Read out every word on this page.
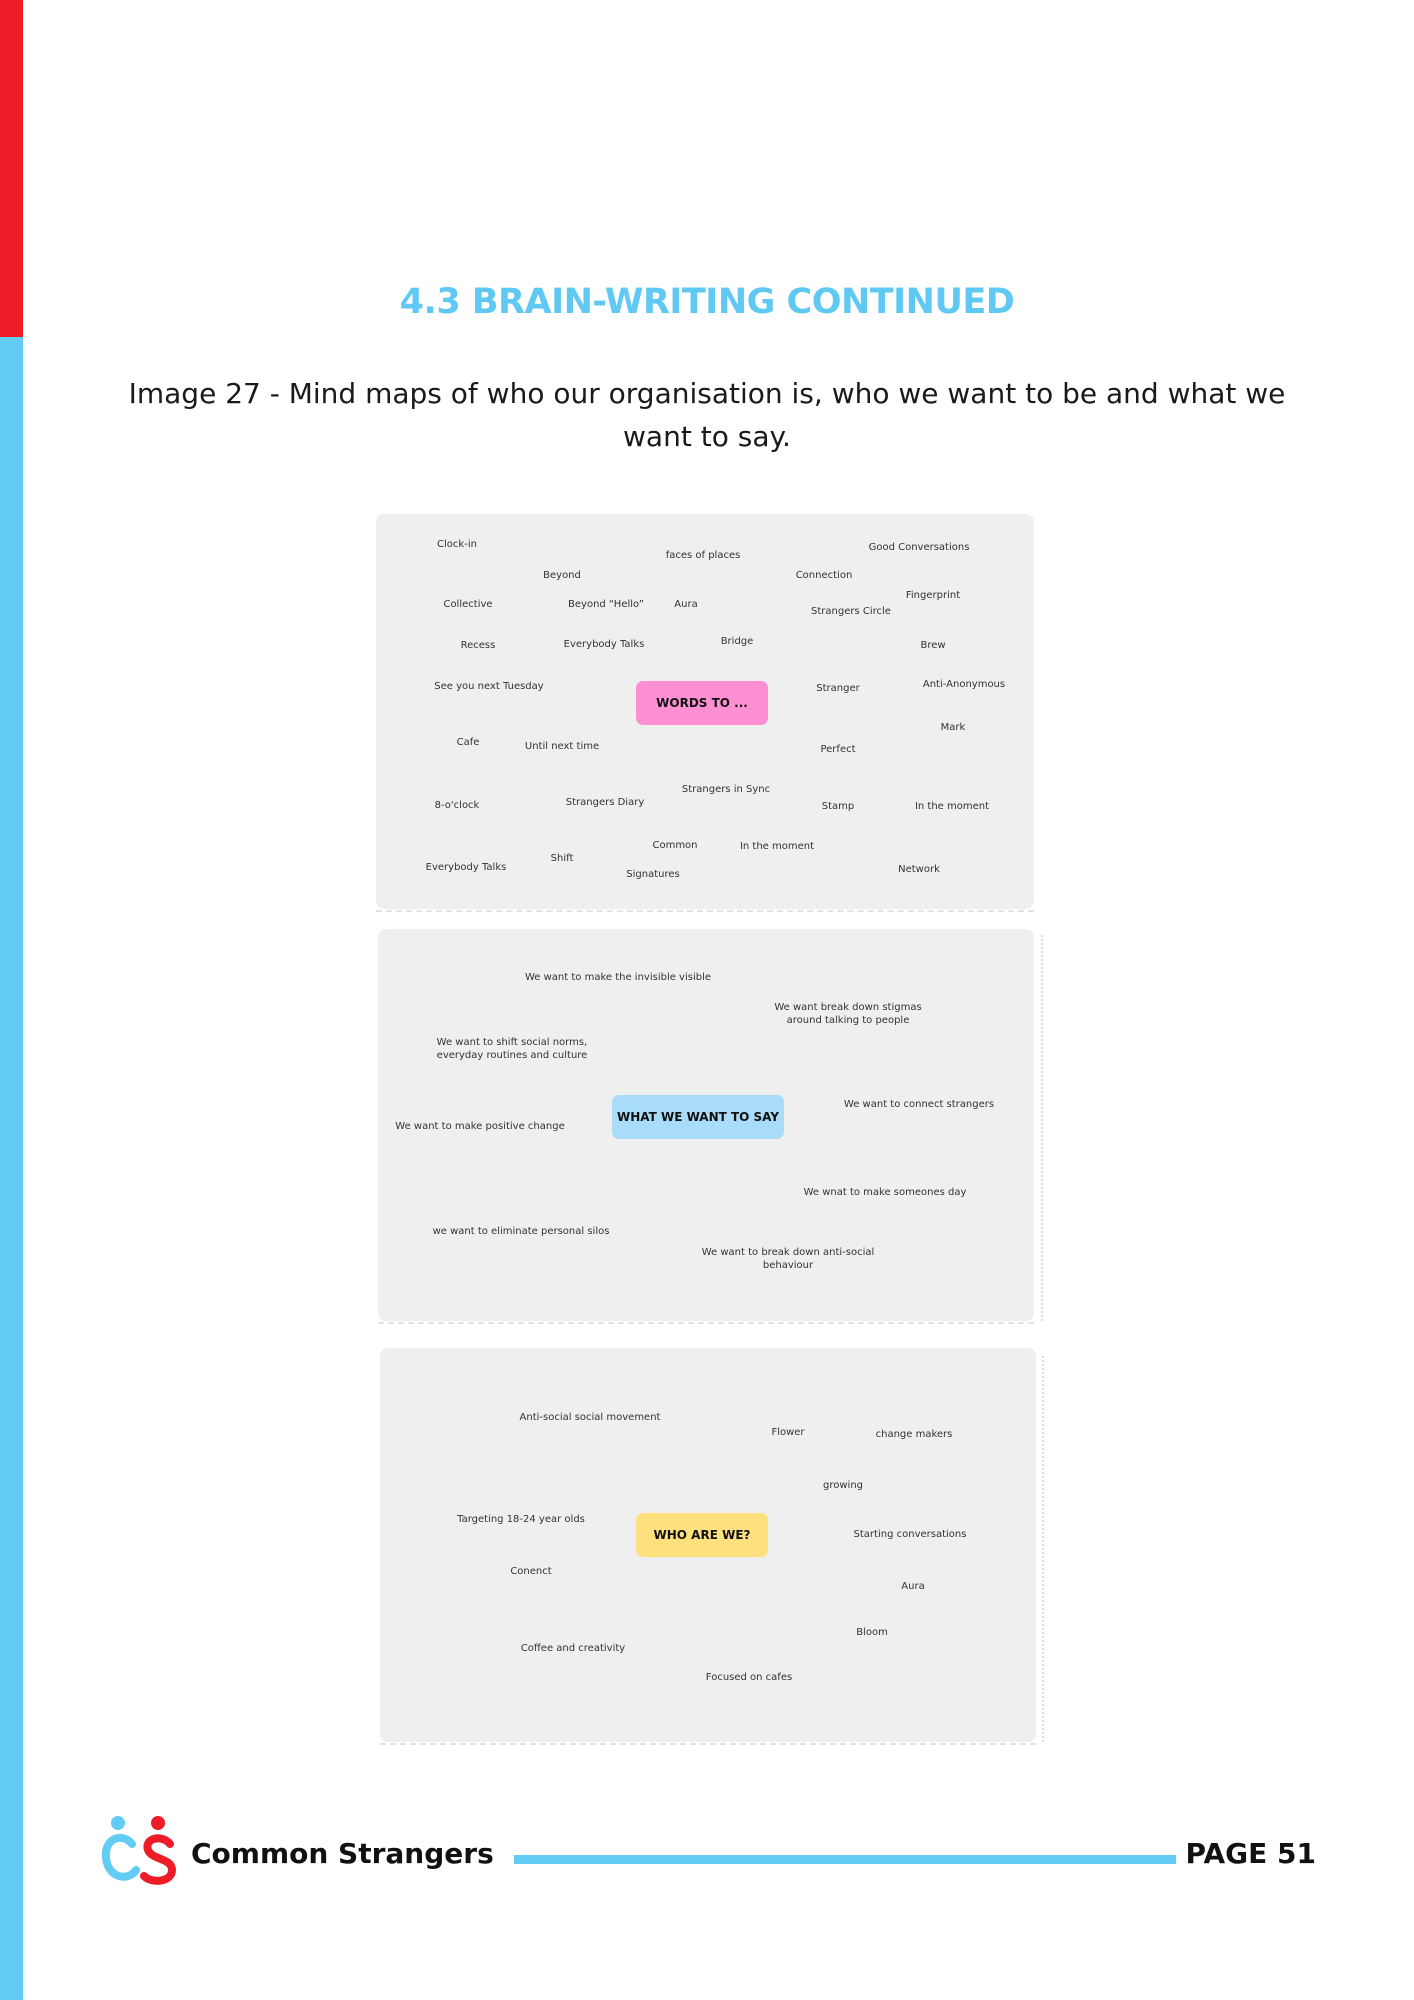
4.3 BRAIN-WRITING CONTINUED
Image 27 - Mind maps of who our organisation is, who we want to be and what we want to say.
Clock-in
Beyond
faces of places
Good Conversations
Connection
Fingerprint
Collective	Beyond “Hello”	Aura
Strangers Circle
Recess	Everybody Talks	Bridge	Brew
See you next Tuesday	Stranger	Anti-Anonymous
Mark
Cafe	Until next time	Perfect
8-o'clock	Strangers Diary
Strangers in Sync
Stamp	In the moment
Everybody Talks
Shift
Common	In the moment
Network
Signatures
WORDS TO ...
We want to make the invisible visible
We want break down stigmas
around talking to people
We want to shift social norms,
everyday routines and culture
We want to connect strangers
We want to make positive change
We wnat to make someones day
we want to eliminate personal silos
We want to break down anti-social
behaviour
WHAT WE WANT TO SAY
Anti-social social movement
Flower	change makers
growing
Targeting 18-24 year olds
Starting conversations
Conenct
Aura
Bloom
Coffee and creativity
Focused on cafes
WHO ARE WE?
Common Strangers	PAGE 51
